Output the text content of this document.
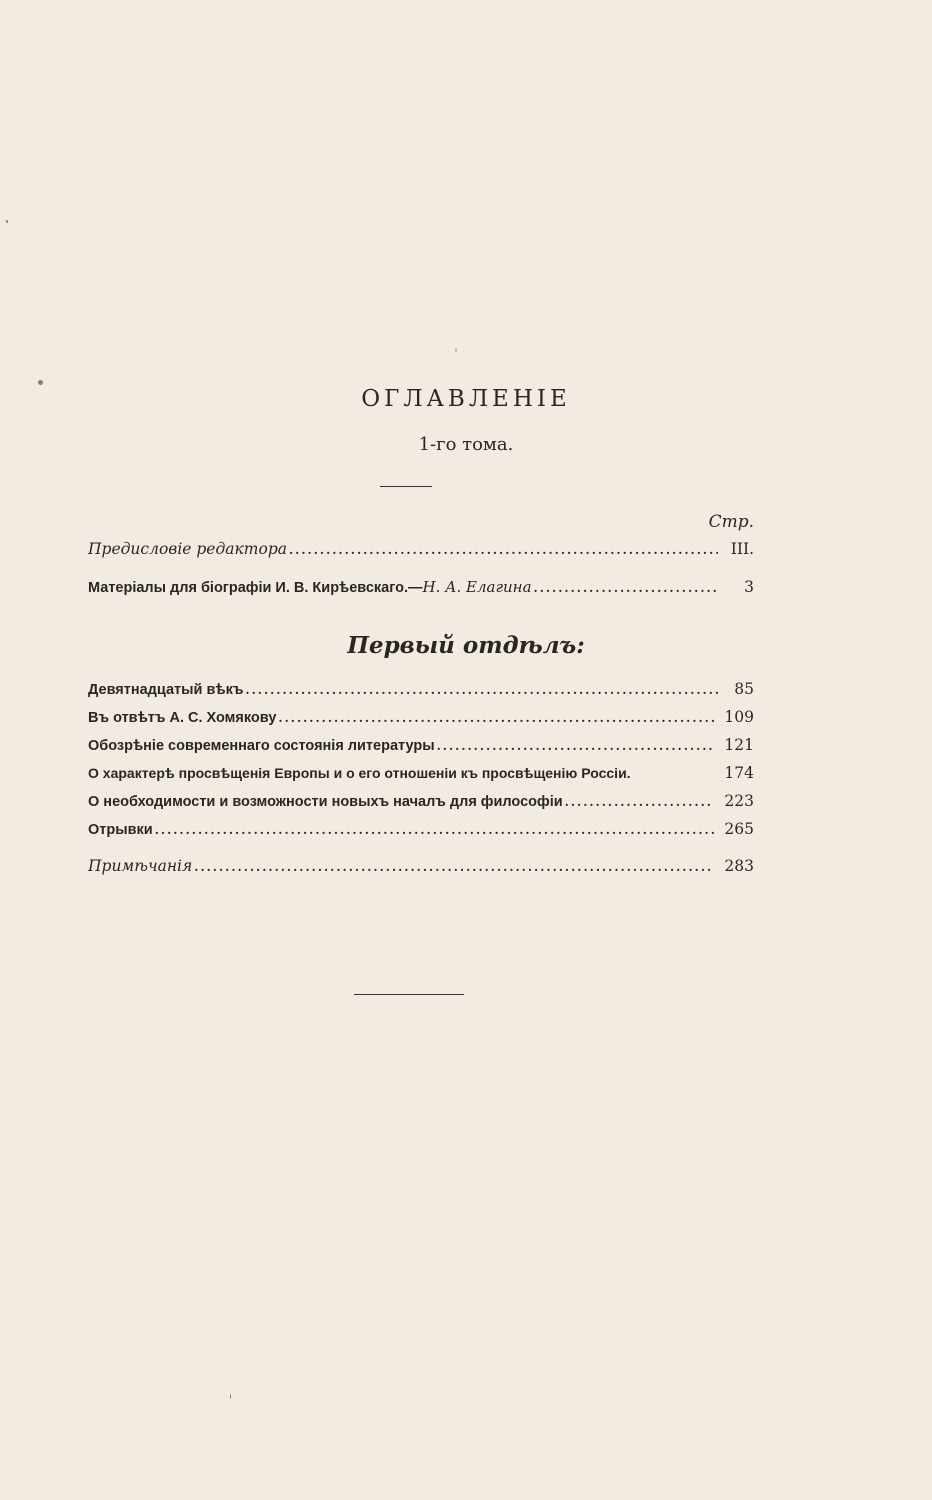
ОГЛАВЛЕНІЕ
1-го тома.
Стр.
Предисловіе редактора .....	III.
Матеріалы для біографіи И. В. Кирѣевскаго.—Н. А. Елагина .....	3
Первый отдѣлъ:
Девятнадцатый вѣкъ .....	85
Въ отвѣтъ А. С. Хомякову .....	109
Обозрѣніе современнаго состоянія литературы .....	121
О характерѣ просвѣщенія Европы и о его отношеніи къ просвѣщенію Россіи.	174
О необходимости и возможности новыхъ началъ для философіи .....	223
Отрывки .....	265
Примѣчанія .....	283
